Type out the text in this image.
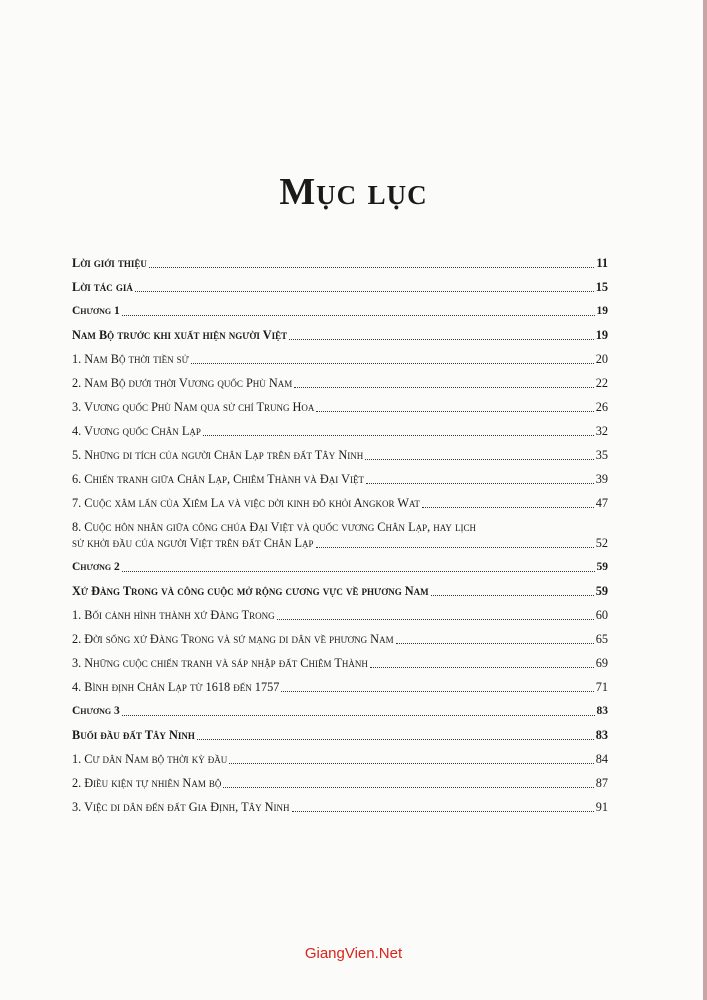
Mục lục
Lời giới thiệu	11
Lời tác giả	15
Chương 1	19
Nam Bộ trước khi xuất hiện người Việt	19
1. Nam Bộ thời tiền sử	20
2. Nam Bộ dưới thời Vương quốc Phù Nam	22
3. Vương quốc Phù Nam qua sử chí Trung Hoa	26
4. Vương quốc Chân Lạp	32
5. Những di tích của người Chân Lạp trên đất Tây Ninh	35
6. Chiến tranh giữa Chân Lạp, Chiêm Thành và Đại Việt	39
7. Cuộc xâm lấn của Xiêm La và việc dời kinh đô khỏi Angkor Wat	47
8. Cuộc hôn nhân giữa công chúa Đại Việt và quốc vương Chân Lạp, hay lịch
sử khởi đầu của người Việt trên đất Chân Lạp	52
Chương 2	59
Xứ Đàng Trong và công cuộc mở rộng cương vực về phương Nam	59
1. Bối cảnh hình thành xứ Đàng Trong	60
2. Đời sống xứ Đàng Trong và sứ mạng di dân về phương Nam	65
3. Những cuộc chiến tranh và sáp nhập đất Chiêm Thành	69
4. Bình định Chân Lạp từ 1618 đến 1757	71
Chương 3	83
Buổi đầu đất Tây Ninh	83
1. Cư dân Nam bộ thời kỳ đầu	84
2. Điều kiện tự nhiên Nam bộ	87
3. Việc di dân đến đất Gia Định, Tây Ninh	91
GiangVien.Net
